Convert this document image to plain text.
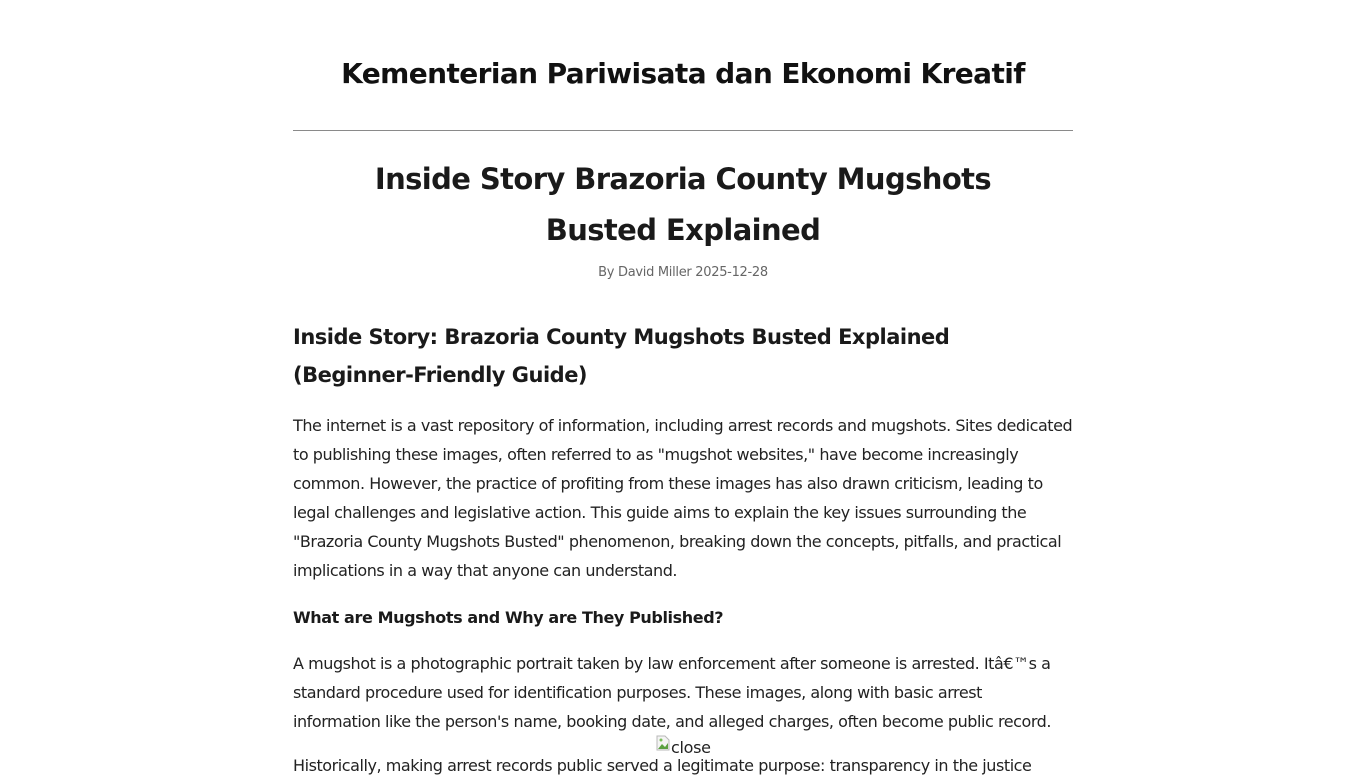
Kementerian Pariwisata dan Ekonomi Kreatif
Inside Story Brazoria County Mugshots Busted Explained
By David Miller 2025-12-28
Inside Story: Brazoria County Mugshots Busted Explained (Beginner-Friendly Guide)

The internet is a vast repository of information, including arrest records and mugshots. Sites dedicated to publishing these images, often referred to as "mugshot websites," have become increasingly common. However, the practice of profiting from these images has also drawn criticism, leading to legal challenges and legislative action. This guide aims to explain the key issues surrounding the "Brazoria County Mugshots Busted" phenomenon, breaking down the concepts, pitfalls, and practical implications in a way that anyone can understand.

What are Mugshots and Why are They Published?

A mugshot is a photographic portrait taken by law enforcement after someone is arrested. Itâ€™s a standard procedure used for identification purposes. These images, along with basic arrest information like the person's name, booking date, and alleged charges, often become public record.

Historically, making arrest records public served a legitimate purpose: transparency in the justice

close
